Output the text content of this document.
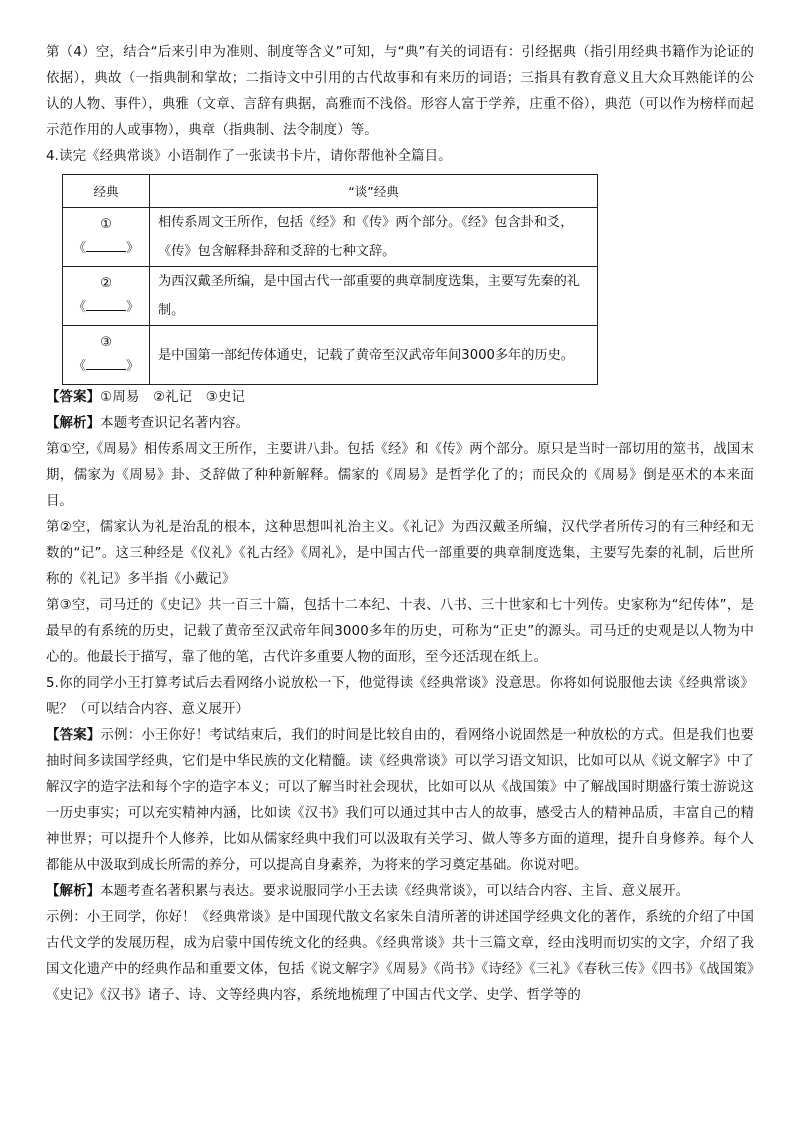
第（4）空，结合“后来引申为准则、制度等含义”可知，与“典”有关的词语有：引经据典（指引用经典书籍作为论证的依据），典故（一指典制和掌故；二指诗文中引用的古代故事和有来历的词语；三指具有教育意义且大众耳熟能详的公认的人物、事件），典雅（文章、言辞有典据，高雅而不浅俗。形容人富于学养，庄重不俗），典范（可以作为榜样而起示范作用的人或事物），典章（指典制、法令制度）等。

4.读完《经典常谈》小语制作了一张读书卡片，请你帮他补全篇目。

经典	“谈”经典

①
《 》	相传系周文王所作，包括《经》和《传》两个部分。《经》包含卦和爻，《传》包含解释卦辞和爻辞的七种文辞。

②
《 》	为西汉戴圣所编，是中国古代一部重要的典章制度选集，主要写先秦的礼制。

③
《 》	是中国第一部纪传体通史，记载了黄帝至汉武帝年间3000多年的历史。

【答案】①周易　②礼记　③史记

【解析】本题考查识记名著内容。

第①空,《周易》相传系周文王所作，主要讲八卦。包括《经》和《传》两个部分。原只是当时一部切用的筮书，战国末期，儒家为《周易》卦、爻辞做了种种新解释。儒家的《周易》是哲学化了的；而民众的《周易》倒是巫术的本来面目。

第②空，儒家认为礼是治乱的根本，这种思想叫礼治主义。《礼记》为西汉戴圣所编，汉代学者所传习的有三种经和无数的“记”。这三种经是《仪礼》《礼古经》《周礼》，是中国古代一部重要的典章制度选集，主要写先秦的礼制，后世所称的《礼记》多半指《小戴记》

第③空，司马迁的《史记》共一百三十篇，包括十二本纪、十表、八书、三十世家和七十列传。史家称为“纪传体”，是最早的有系统的历史，记载了黄帝至汉武帝年间3000多年的历史，可称为“正史”的源头。司马迁的史观是以人物为中心的。他最长于描写，靠了他的笔，古代许多重要人物的面形，至今还活现在纸上。

5.你的同学小王打算考试后去看网络小说放松一下，他觉得读《经典常谈》没意思。你将如何说服他去读《经典常谈》呢？（可以结合内容、意义展开）

【答案】示例：小王你好！考试结束后，我们的时间是比较自由的，看网络小说固然是一种放松的方式。但是我们也要抽时间多读国学经典，它们是中华民族的文化精髓。读《经典常谈》可以学习语文知识，比如可以从《说文解字》中了解汉字的造字法和每个字的造字本义；可以了解当时社会现状，比如可以从《战国策》中了解战国时期盛行策士游说这一历史事实；可以充实精神内涵，比如读《汉书》我们可以通过其中古人的故事，感受古人的精神品质，丰富自己的精神世界；可以提升个人修养，比如从儒家经典中我们可以汲取有关学习、做人等多方面的道理，提升自身修养。每个人都能从中汲取到成长所需的养分，可以提高自身素养，为将来的学习奠定基础。你说对吧。

【解析】本题考查名著积累与表达。要求说服同学小王去读《经典常谈》，可以结合内容、主旨、意义展开。

示例：小王同学，你好！《经典常谈》是中国现代散文名家朱自清所著的讲述国学经典文化的著作，系统的介绍了中国古代文学的发展历程，成为启蒙中国传统文化的经典。《经典常谈》共十三篇文章，经由浅明而切实的文字，介绍了我国文化遗产中的经典作品和重要文体，包括《说文解字》《周易》《尚书》《诗经》《三礼》《春秋三传》《四书》《战国策》《史记》《汉书》诸子、诗、文等经典内容，系统地梳理了中国古代文学、史学、哲学等的
